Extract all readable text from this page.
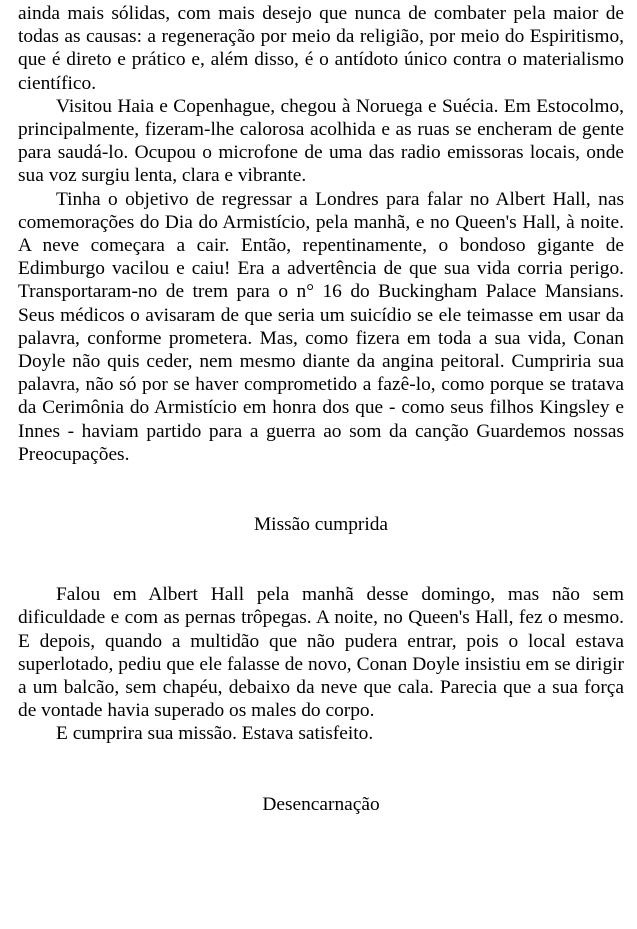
ainda mais sólidas, com mais desejo que nunca de combater pela maior de todas as causas: a regeneração por meio da religião, por meio do Espiritismo, que é direto e prático e, além disso, é o antídoto único contra o materialismo científico.

Visitou Haia e Copenhague, chegou à Noruega e Suécia. Em Estocolmo, principalmente, fizeram-lhe calorosa acolhida e as ruas se encheram de gente para saudá-lo. Ocupou o microfone de uma das radio emissoras locais, onde sua voz surgiu lenta, clara e vibrante.

Tinha o objetivo de regressar a Londres para falar no Albert Hall, nas comemorações do Dia do Armistício, pela manhã, e no Queen's Hall, à noite. A neve começara a cair. Então, repentinamente, o bondoso gigante de Edimburgo vacilou e caiu! Era a advertência de que sua vida corria perigo. Transportaram-no de trem para o n° 16 do Buckingham Palace Mansians. Seus médicos o avisaram de que seria um suicídio se ele teimasse em usar da palavra, conforme prometera. Mas, como fizera em toda a sua vida, Conan Doyle não quis ceder, nem mesmo diante da angina peitoral. Cumpriria sua palavra, não só por se haver comprometido a fazê-lo, como porque se tratava da Cerimônia do Armistício em honra dos que - como seus filhos Kingsley e Innes - haviam partido para a guerra ao som da canção Guardemos nossas Preocupações.

Missão cumprida

Falou em Albert Hall pela manhã desse domingo, mas não sem dificuldade e com as pernas trôpegas. A noite, no Queen's Hall, fez o mesmo. E depois, quando a multidão que não pudera entrar, pois o local estava superlotado, pediu que ele falasse de novo, Conan Doyle insistiu em se dirigir a um balcão, sem chapéu, debaixo da neve que cala. Parecia que a sua força de vontade havia superado os males do corpo.

E cumprira sua missão. Estava satisfeito.

Desencarnação
